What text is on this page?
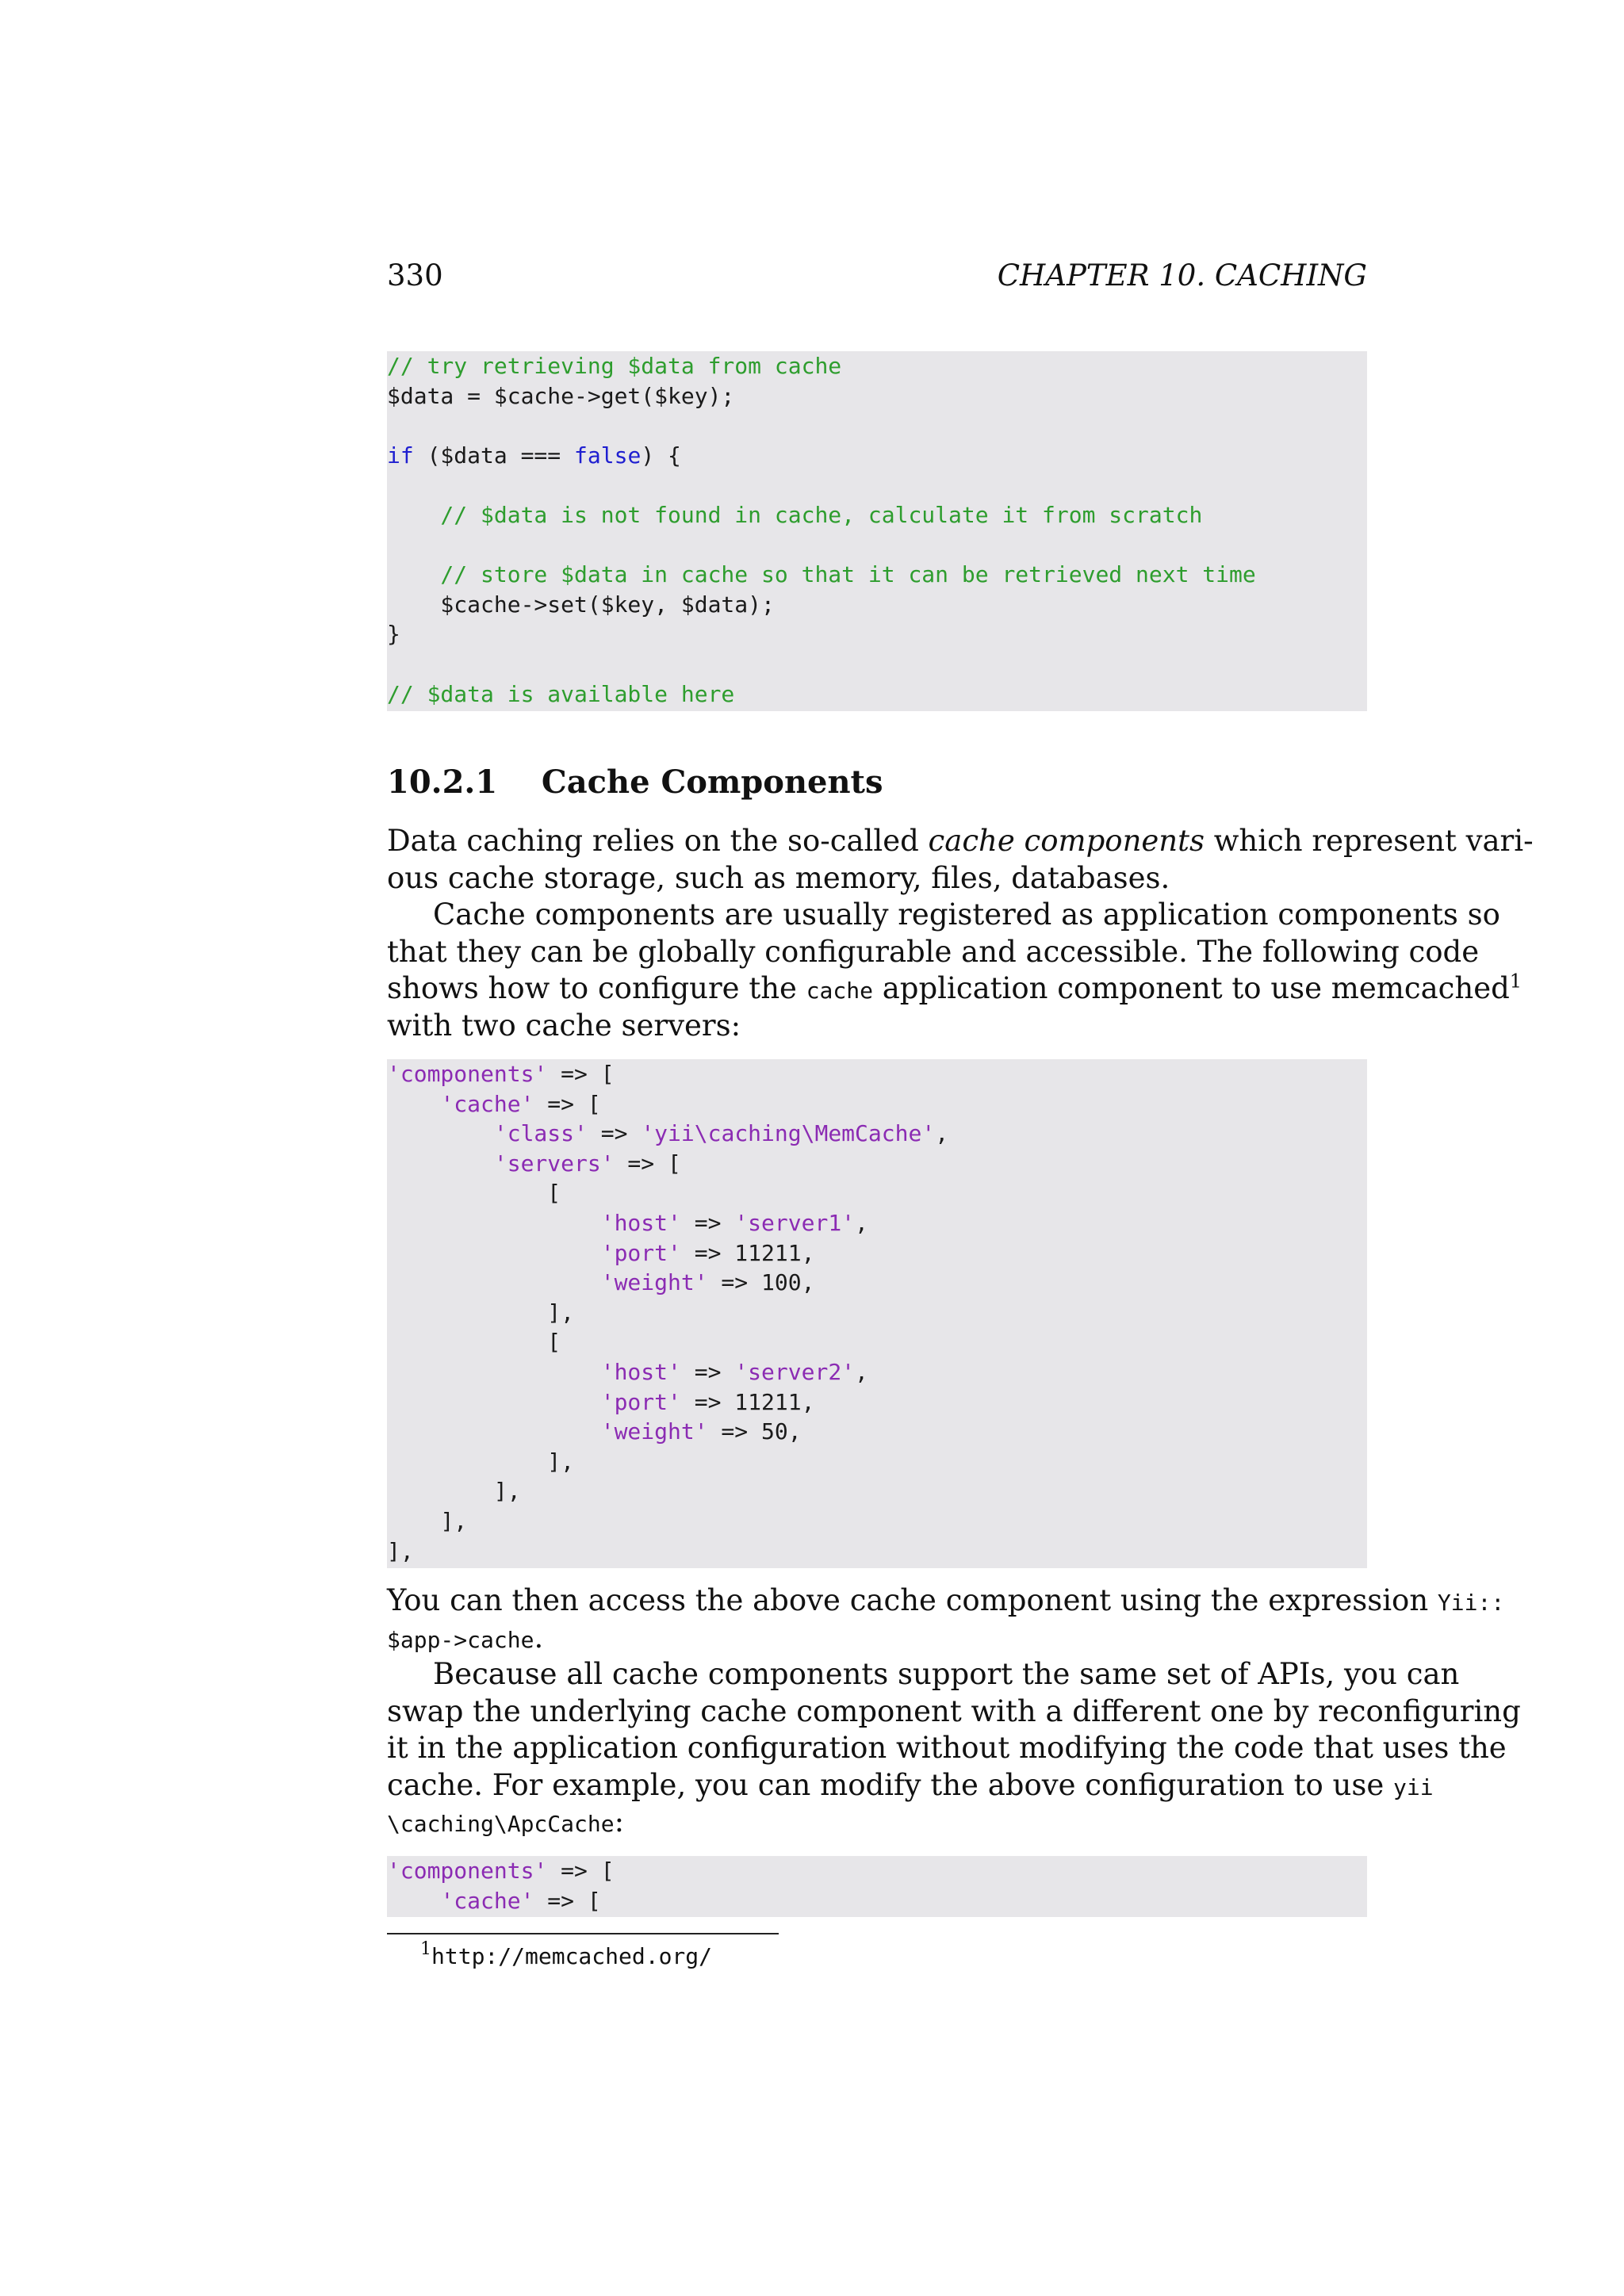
330	CHAPTER 10. CACHING
// try retrieving $data from cache
$data = $cache->get($key);
if ($data === false) {
// $data is not found in cache, calculate it from scratch
// store $data in cache so that it can be retrieved next time
$cache->set($key, $data);
}
// $data is available here
10.2.1 Cache Components
Data caching relies on the so-called cache components which represent vari-
ous cache storage, such as memory, files, databases.
Cache components are usually registered as application components so
that they can be globally configurable and accessible. The following code
shows how to configure the cache application component to use memcached$^1$
with two cache servers:
'components' => [
'cache' => [
'class' => 'yii\caching\MemCache',
'servers' => [
[
'host' => 'server1',
'port' => 11211,
'weight' => 100,
],
[
'host' => 'server2',
'port' => 11211,
'weight' => 50,
],
],
],
],
You can then access the above cache component using the expression Yii::
$app->cache.
Because all cache components support the same set of APIs, you can
swap the underlying cache component with a different one by reconfiguring
it in the application configuration without modifying the code that uses the
cache. For example, you can modify the above configuration to use yii
\caching\ApcCache:
'components' => [
'cache' => [
$^1$http://memcached.org/
